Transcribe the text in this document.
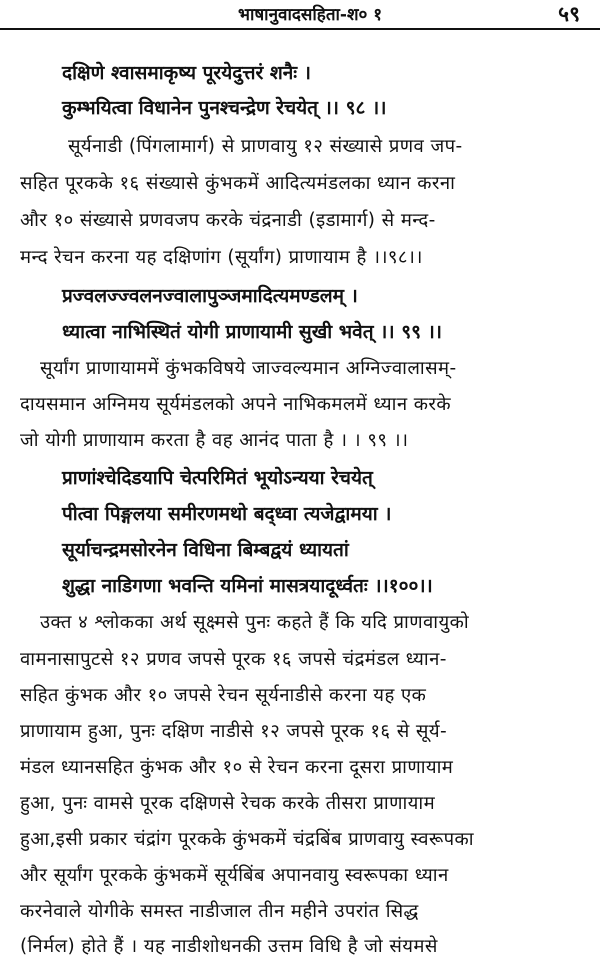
भाषानुवादसहिता-श० १	५९
दक्षिणे श्वासमाकृष्य पूरयेदुत्तरं शनैः ।
कुम्भयित्वा विधानेन पुनश्चन्द्रेण रेचयेत् ।। ९८ ।।
सूर्यनाडी (पिंगलामार्ग) से प्राणवायु १२ संख्यासे प्रणव जप-
सहित पूरकके १६ संख्यासे कुंभकमें आदित्यमंडलका ध्यान करना
और १० संख्यासे प्रणवजप करके चंद्रनाडी (इडामार्ग) से मन्द-
मन्द रेचन करना यह दक्षिणांग (सूर्यांग) प्राणायाम है ।।९८।।
प्रज्वलज्ज्वलनज्वालापुञ्जमादित्यमण्डलम् ।
ध्यात्वा नाभिस्थितं योगी प्राणायामी सुखी भवेत् ।। ९९ ।।
सूर्यांग प्राणायाममें कुंभकविषये जाज्वल्यमान अग्निज्वालासम्-
दायसमान अग्निमय सूर्यमंडलको अपने नाभिकमलमें ध्यान करके
जो योगी प्राणायाम करता है वह आनंद पाता है । । ९९ ।।
प्राणांश्चेदिडयापि चेत्परिमितं भूयोऽन्यया रेचयेत्
पीत्वा पिङ्गलया समीरणमथो बद्ध्वा त्यजेद्वामया ।
सूर्याचन्द्रमसोरनेन विधिना बिम्बद्वयं ध्यायतां
शुद्धा नाडिगणा भवन्ति यमिनां मासत्रयादूर्ध्वतः ।।१००।।
उक्त ४ श्लोकका अर्थ सूक्ष्मसे पुनः कहते हैं कि यदि प्राणवायुको
वामनासापुटसे १२ प्रणव जपसे पूरक १६ जपसे चंद्रमंडल ध्यान-
सहित कुंभक और १० जपसे रेचन सूर्यनाडीसे करना यह एक
प्राणायाम हुआ, पुनः दक्षिण नाडीसे १२ जपसे पूरक १६ से सूर्य-
मंडल ध्यानसहित कुंभक और १० से रेचन करना दूसरा प्राणायाम
हुआ, पुनः वामसे पूरक दक्षिणसे रेचक करके तीसरा प्राणायाम
हुआ,इसी प्रकार चंद्रांग पूरकके कुंभकमें चंद्रबिंब प्राणवायु स्वरूपका
और सूर्यांग पूरकके कुंभकमें सूर्यबिंब अपानवायु स्वरूपका ध्यान
करनेवाले योगीके समस्त नाडीजाल तीन महीने उपरांत सिद्ध
(निर्मल) होते हैं । यह नाडीशोधनकी उत्तम विधि है जो संयमसे
